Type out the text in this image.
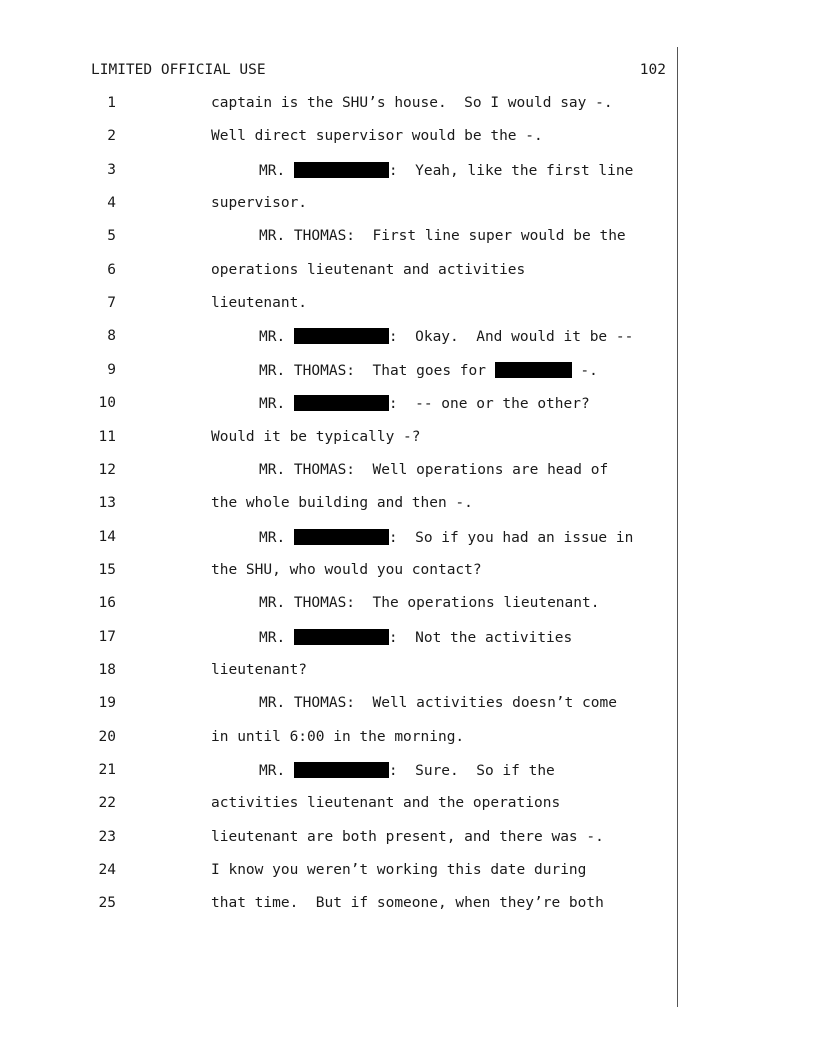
LIMITED OFFICIAL USE	102
1	captain is the SHU’s house.  So I would say -.
2	Well direct supervisor would be the -.
3	MR.	:  Yeah, like the first line
4	supervisor.
5	MR. THOMAS:  First line super would be the
6	operations lieutenant and activities
7	lieutenant.
8	MR.	:  Okay.  And would it be --
9	MR. THOMAS:  That goes for	-.
10	MR.	:  -- one or the other?
11	Would it be typically -?
12	MR. THOMAS:  Well operations are head of
13	the whole building and then -.
14	MR.	:  So if you had an issue in
15	the SHU, who would you contact?
16	MR. THOMAS:  The operations lieutenant.
17	MR.	:  Not the activities
18	lieutenant?
19	MR. THOMAS:  Well activities doesn’t come
20	in until 6:00 in the morning.
21	MR.	:  Sure.  So if the
22	activities lieutenant and the operations
23	lieutenant are both present, and there was -.
24	I know you weren’t working this date during
25	that time.  But if someone, when they’re both
